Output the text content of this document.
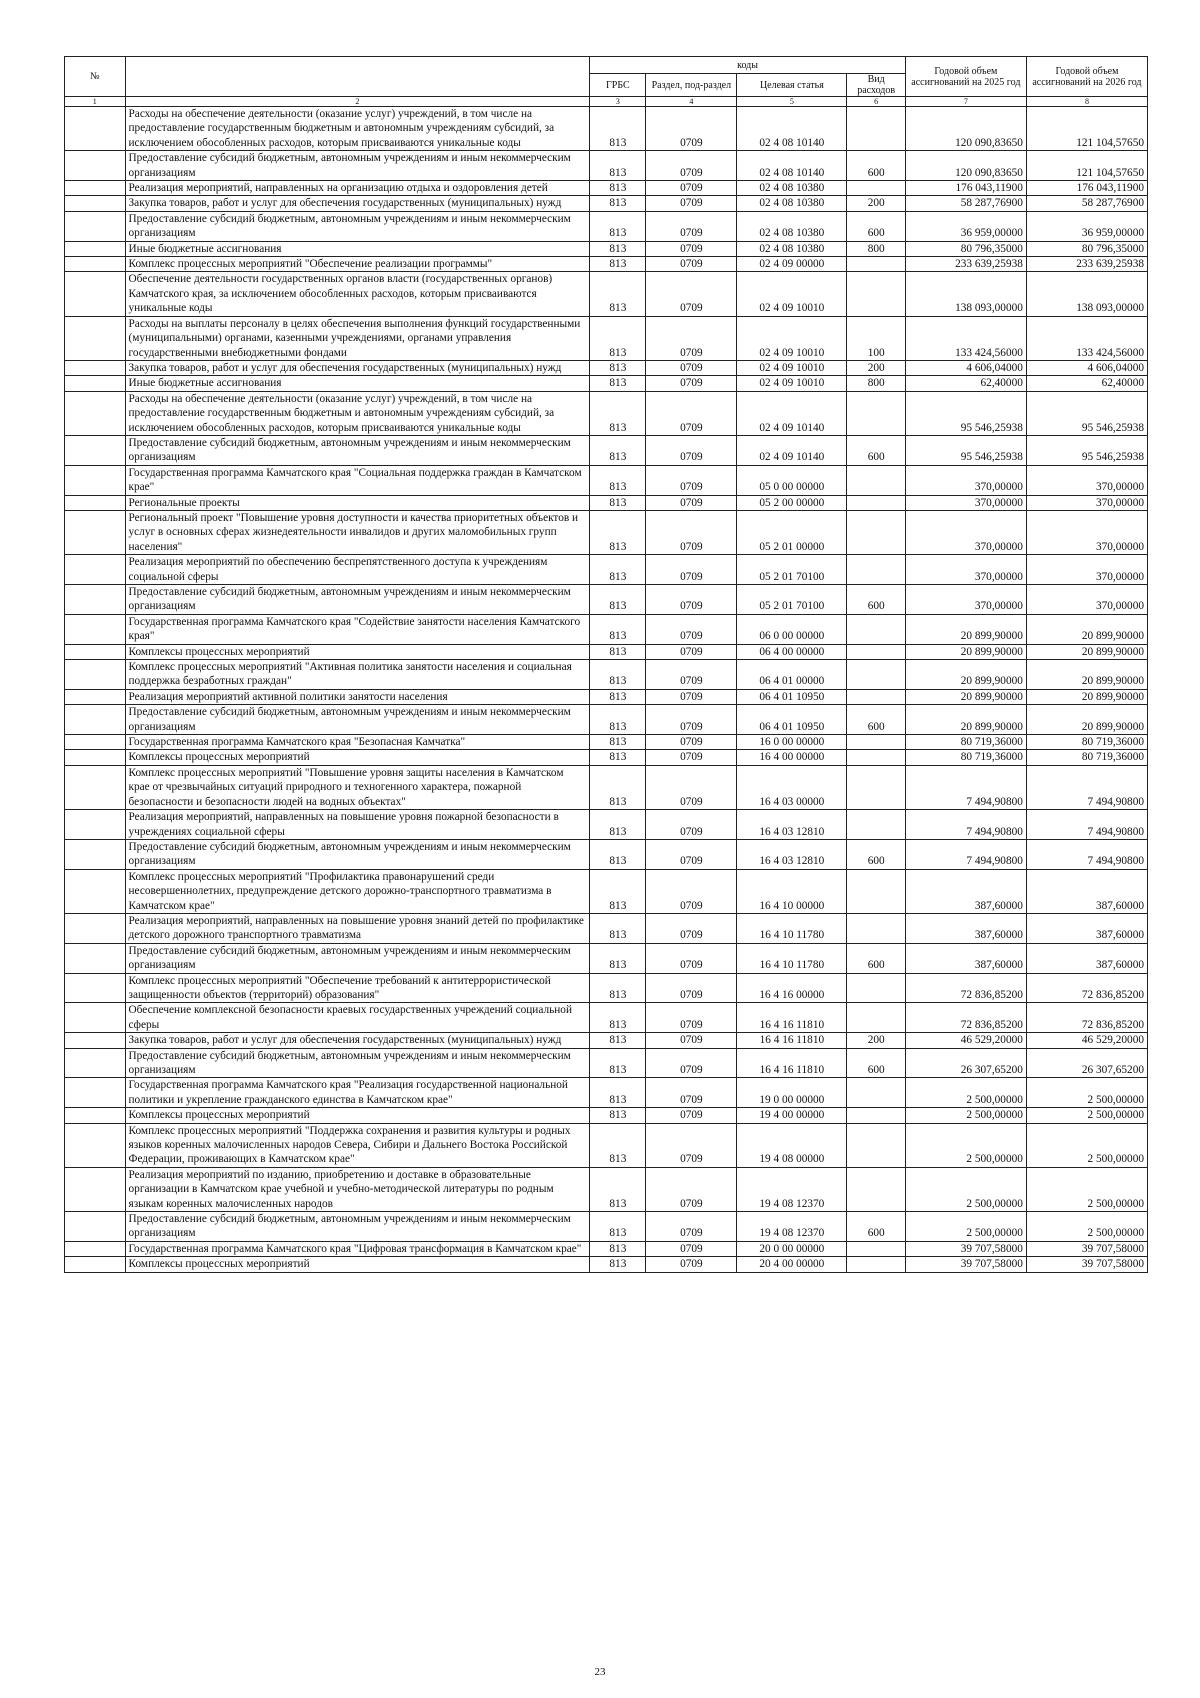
№		коды				Годовой объем ассигнований на 2025 год	Годовой объем ассигнований на 2026 год
		ГРБС	Раздел, под-раздел	Целевая статья	Вид расходов		
1	2	3	4	5	6	7	8
	Расходы на обеспечение деятельности (оказание услуг) учреждений, в том числе на предоставление государственным бюджетным и автономным учреждениям субсидий, за исключением обособленных расходов, которым присваиваются уникальные коды	813	0709	02 4 08 10140		120 090,83650	121 104,57650
	Предоставление субсидий бюджетным, автономным учреждениям и иным некоммерческим организациям	813	0709	02 4 08 10140	600	120 090,83650	121 104,57650
	Реализация мероприятий, направленных на организацию отдыха и оздоровления детей	813	0709	02 4 08 10380		176 043,11900	176 043,11900
	Закупка товаров, работ и услуг для обеспечения государственных (муниципальных) нужд	813	0709	02 4 08 10380	200	58 287,76900	58 287,76900
	Предоставление субсидий бюджетным, автономным учреждениям и иным некоммерческим организациям	813	0709	02 4 08 10380	600	36 959,00000	36 959,00000
	Иные бюджетные ассигнования	813	0709	02 4 08 10380	800	80 796,35000	80 796,35000
	Комплекс процессных мероприятий "Обеспечение реализации программы"	813	0709	02 4 09 00000		233 639,25938	233 639,25938
	Обеспечение деятельности государственных органов власти (государственных органов) Камчатского края, за исключением обособленных расходов, которым присваиваются уникальные коды	813	0709	02 4 09 10010		138 093,00000	138 093,00000
	Расходы на выплаты персоналу в целях обеспечения выполнения функций государственными (муниципальными) органами, казенными учреждениями, органами управления государственными внебюджетными фондами	813	0709	02 4 09 10010	100	133 424,56000	133 424,56000
	Закупка товаров, работ и услуг для обеспечения государственных (муниципальных) нужд	813	0709	02 4 09 10010	200	4 606,04000	4 606,04000
	Иные бюджетные ассигнования	813	0709	02 4 09 10010	800	62,40000	62,40000
	Расходы на обеспечение деятельности (оказание услуг) учреждений, в том числе на предоставление государственным бюджетным и автономным учреждениям субсидий, за исключением обособленных расходов, которым присваиваются уникальные коды	813	0709	02 4 09 10140		95 546,25938	95 546,25938
	Предоставление субсидий бюджетным, автономным учреждениям и иным некоммерческим организациям	813	0709	02 4 09 10140	600	95 546,25938	95 546,25938
	Государственная программа Камчатского края "Социальная поддержка граждан в Камчатском крае"	813	0709	05 0 00 00000		370,00000	370,00000
	Региональные проекты	813	0709	05 2 00 00000		370,00000	370,00000
	Региональный проект "Повышение уровня доступности и качества приоритетных объектов и услуг в основных сферах жизнедеятельности инвалидов и других маломобильных групп населения"	813	0709	05 2 01 00000		370,00000	370,00000
	Реализация мероприятий по обеспечению беспрепятственного доступа к учреждениям социальной сферы	813	0709	05 2 01 70100		370,00000	370,00000
	Предоставление субсидий бюджетным, автономным учреждениям и иным некоммерческим организациям	813	0709	05 2 01 70100	600	370,00000	370,00000
	Государственная программа Камчатского края "Содействие занятости населения Камчатского края"	813	0709	06 0 00 00000		20 899,90000	20 899,90000
	Комплексы процессных мероприятий	813	0709	06 4 00 00000		20 899,90000	20 899,90000
	Комплекс процессных мероприятий "Активная политика занятости населения и социальная поддержка безработных граждан"	813	0709	06 4 01 00000		20 899,90000	20 899,90000
	Реализация мероприятий активной политики занятости населения	813	0709	06 4 01 10950		20 899,90000	20 899,90000
	Предоставление субсидий бюджетным, автономным учреждениям и иным некоммерческим организациям	813	0709	06 4 01 10950	600	20 899,90000	20 899,90000
	Государственная программа Камчатского края "Безопасная Камчатка"	813	0709	16 0 00 00000		80 719,36000	80 719,36000
	Комплексы процессных мероприятий	813	0709	16 4 00 00000		80 719,36000	80 719,36000
	Комплекс процессных мероприятий "Повышение уровня защиты населения в Камчатском крае от чрезвычайных ситуаций природного и техногенного характера, пожарной безопасности и безопасности людей на водных объектах"	813	0709	16 4 03 00000		7 494,90800	7 494,90800
	Реализация мероприятий, направленных на повышение уровня пожарной безопасности в учреждениях социальной сферы	813	0709	16 4 03 12810		7 494,90800	7 494,90800
	Предоставление субсидий бюджетным, автономным учреждениям и иным некоммерческим организациям	813	0709	16 4 03 12810	600	7 494,90800	7 494,90800
	Комплекс процессных мероприятий "Профилактика правонарушений среди несовершеннолетних, предупреждение детского дорожно-транспортного травматизма в Камчатском крае"	813	0709	16 4 10 00000		387,60000	387,60000
	Реализация мероприятий, направленных на повышение уровня знаний детей по профилактике детского дорожного транспортного травматизма	813	0709	16 4 10 11780		387,60000	387,60000
	Предоставление субсидий бюджетным, автономным учреждениям и иным некоммерческим организациям	813	0709	16 4 10 11780	600	387,60000	387,60000
	Комплекс процессных мероприятий "Обеспечение требований к антитеррористической защищенности объектов (территорий) образования"	813	0709	16 4 16 00000		72 836,85200	72 836,85200
	Обеспечение комплексной безопасности краевых государственных учреждений социальной сферы	813	0709	16 4 16 11810		72 836,85200	72 836,85200
	Закупка товаров, работ и услуг для обеспечения государственных (муниципальных) нужд	813	0709	16 4 16 11810	200	46 529,20000	46 529,20000
	Предоставление субсидий бюджетным, автономным учреждениям и иным некоммерческим организациям	813	0709	16 4 16 11810	600	26 307,65200	26 307,65200
	Государственная программа Камчатского края "Реализация государственной национальной политики и укрепление гражданского единства в Камчатском крае"	813	0709	19 0 00 00000		2 500,00000	2 500,00000
	Комплексы процессных мероприятий	813	0709	19 4 00 00000		2 500,00000	2 500,00000
	Комплекс процессных мероприятий "Поддержка сохранения и развития культуры и родных языков коренных малочисленных народов Севера, Сибири и Дальнего Востока Российской Федерации, проживающих в Камчатском крае"	813	0709	19 4 08 00000		2 500,00000	2 500,00000
	Реализация мероприятий по изданию, приобретению и доставке в образовательные организации в Камчатском крае учебной и учебно-методической литературы по родным языкам коренных малочисленных народов	813	0709	19 4 08 12370		2 500,00000	2 500,00000
	Предоставление субсидий бюджетным, автономным учреждениям и иным некоммерческим организациям	813	0709	19 4 08 12370	600	2 500,00000	2 500,00000
	Государственная программа Камчатского края "Цифровая трансформация в Камчатском крае"	813	0709	20 0 00 00000		39 707,58000	39 707,58000
	Комплексы процессных мероприятий	813	0709	20 4 00 00000		39 707,58000	39 707,58000
23
